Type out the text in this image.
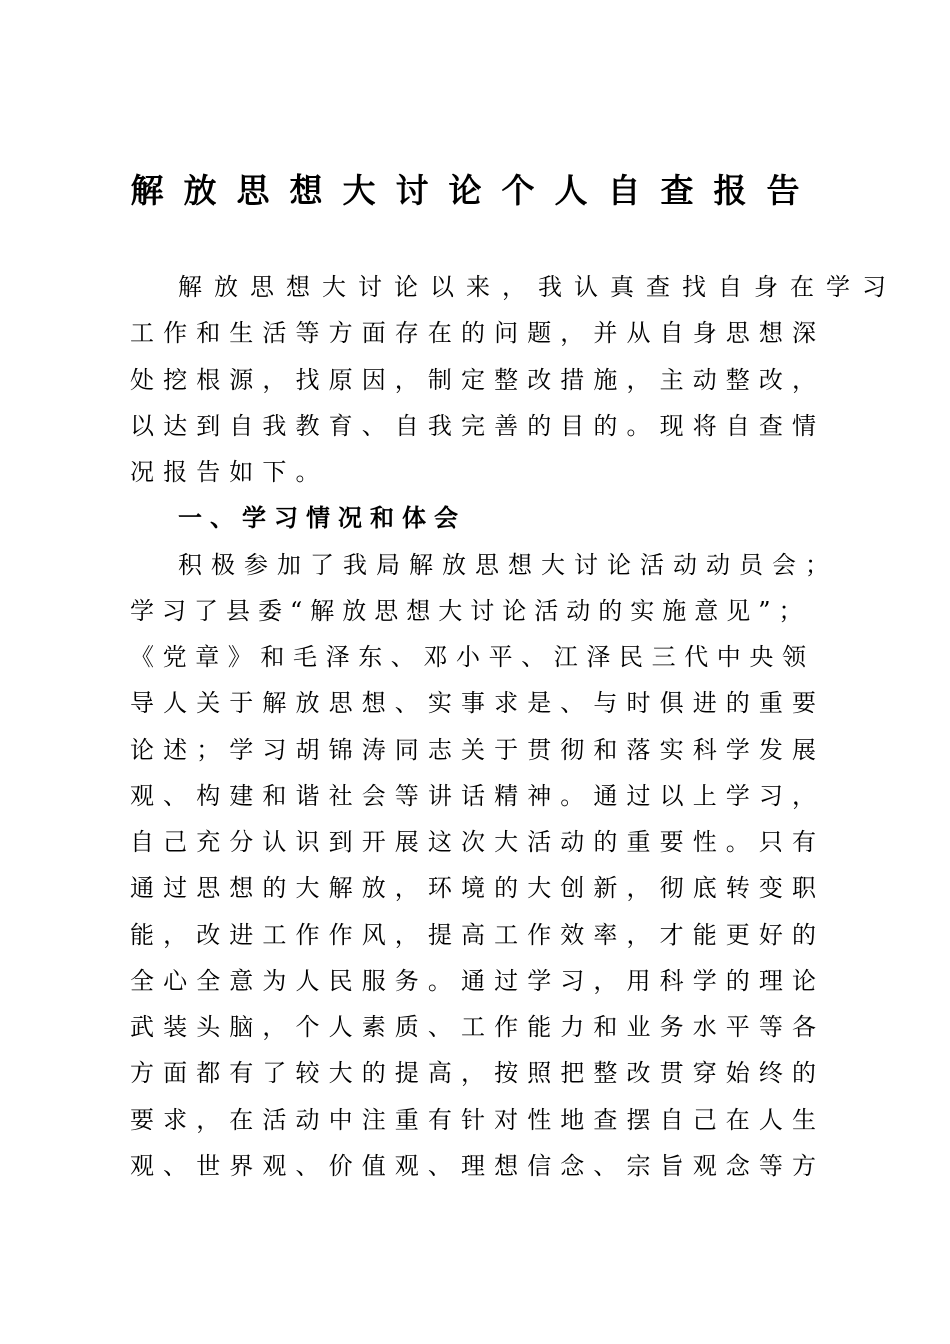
解放思想大讨论个人自查报告
解放思想大讨论以来，我认真查找自身在学习
工作和生活等方面存在的问题，并从自身思想深
处挖根源，找原因，制定整改措施，主动整改，
以达到自我教育、自我完善的目的。现将自查情
况报告如下。
一、学习情况和体会
积极参加了我局解放思想大讨论活动动员会；
学习了县委“解放思想大讨论活动的实施意见”；
《党章》和毛泽东、邓小平、江泽民三代中央领
导人关于解放思想、实事求是、与时俱进的重要
论述；学习胡锦涛同志关于贯彻和落实科学发展
观、构建和谐社会等讲话精神。通过以上学习，
自己充分认识到开展这次大活动的重要性。只有
通过思想的大解放，环境的大创新，彻底转变职
能，改进工作作风，提高工作效率，才能更好的
全心全意为人民服务。通过学习，用科学的理论
武装头脑，个人素质、工作能力和业务水平等各
方面都有了较大的提高，按照把整改贯穿始终的
要求，在活动中注重有针对性地查摆自己在人生
观、世界观、价值观、理想信念、宗旨观念等方
